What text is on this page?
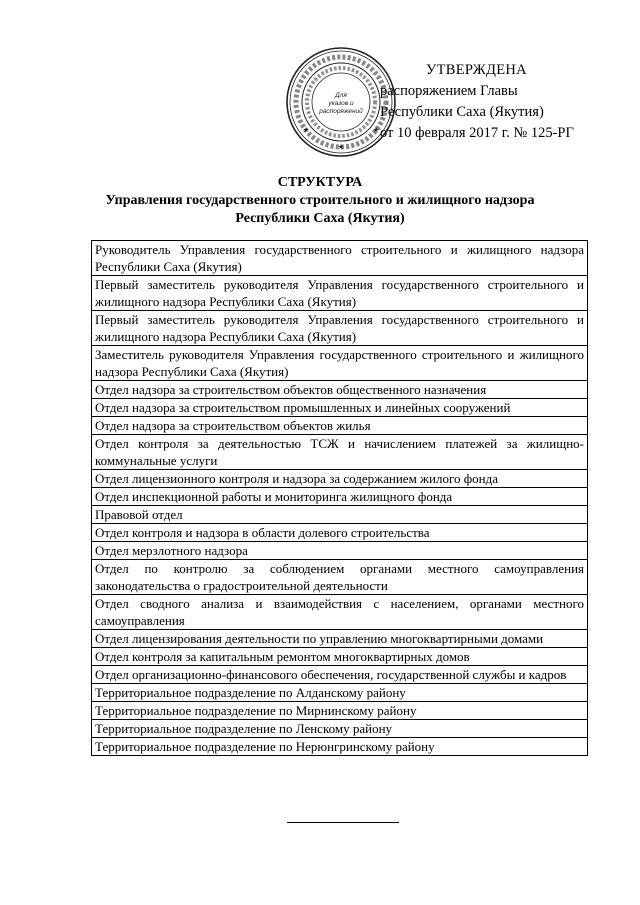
УТВЕРЖДЕНА
распоряжением Главы
Республики Саха (Якутия)
от 10 февраля 2017 г. № 125-РГ
★
★	★
Для
указов и
распоряжений
СТРУКТУРА
Управления государственного строительного и жилищного надзора
Республики Саха (Якутия)
Руководитель Управления государственного строительного и жилищного надзора Республики Саха (Якутия)
Первый заместитель руководителя Управления государственного строительного и жилищного надзора Республики Саха (Якутия)
Первый заместитель руководителя Управления государственного строительного и жилищного надзора Республики Саха (Якутия)
Заместитель руководителя Управления государственного строительного и жилищного надзора Республики Саха (Якутия)
Отдел надзора за строительством объектов общественного назначения
Отдел надзора за строительством промышленных и линейных сооружений
Отдел надзора за строительством объектов жилья
Отдел контроля за деятельностью ТСЖ и начислением платежей за жилищно-коммунальные услуги
Отдел лицензионного контроля и надзора за содержанием жилого фонда
Отдел инспекционной работы и мониторинга жилищного фонда
Правовой отдел
Отдел контроля и надзора в области долевого строительства
Отдел мерзлотного надзора
Отдел по контролю за соблюдением органами местного самоуправления законодательства о градостроительной деятельности
Отдел сводного анализа и взаимодействия с населением, органами местного самоуправления
Отдел лицензирования деятельности по управлению многоквартирными домами
Отдел контроля за капитальным ремонтом многоквартирных домов
Отдел организационно-финансового обеспечения, государственной службы и кадров
Территориальное подразделение по Алданскому району
Территориальное подразделение по Мирнинскому району
Территориальное подразделение по Ленскому району
Территориальное подразделение по Нерюнгринскому району
